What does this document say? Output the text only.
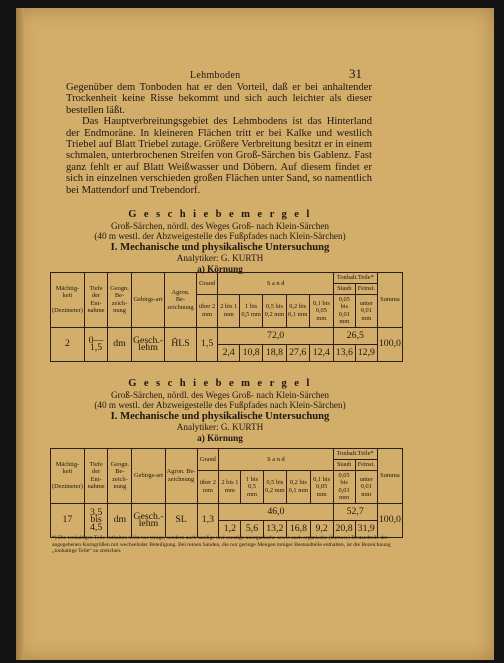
Lehmboden	31

Gegenüber dem Tonboden hat er den Vorteil, daß er bei anhaltender Trockenheit keine Risse bekommt und sich auch leichter als dieser bestellen läßt.

Das Hauptverbreitungsgebiet des Lehmbodens ist das Hinterland der Endmoräne. In kleineren Flächen tritt er bei Kalke und westlich Triebel auf Blatt Triebel zutage. Größere Verbreitung besitzt er in einem schmalen, unterbrochenen Streifen von Groß-Särchen bis Gablenz. Fast ganz fehlt er auf Blatt Weißwasser und Döbern. Auf diesem findet er sich in einzelnen verschieden großen Flächen unter Sand, so namentlich bei Mattendorf und Trebendorf.

G e s c h i e b e m e r g e l
Groß-Särchen, nördl. des Weges Groß- nach Klein-Särchen
(40 m westl. der Abzweigestelle des Fußpfades nach Klein-Särchen)
I. Mechanische und physikalische Untersuchung
Analytiker: G. KURTH
a) Körnung
Mächtig-keit

(Dezimeter)	Tiefe der Ent-nahme	Geogn. Be-zeich-nung	Gebirgs-art	Agron. Be-zeichnung	Grand	S a n d					Tonhalt.Teile*		Summa
											Staub	Feinst.	
					über 2 mm	2 bis 1 mm	1 bis 0,5 mm	0,5 bis 0,2 mm	0,2 bis 0,1 mm	0,1 bis 0,05 mm	0,05 bis 0,01 mm	unter 0,01 mm	
2	0—1,5	dm	Gesch.-lehm	ĤLS	1,5	72,0					26,5		100,0
						2,4	10,8	18,8	27,6	12,4	13,6	12,9	
G e s c h i e b e m e r g e l
Groß-Särchen, nördl. des Weges Groß- nach Klein-Särchen
(40 m westl. der Abzweigestelle des Fußpfades nach Klein-Särchen)
I. Mechanische und physikalische Untersuchung
Analytiker: G. KURTH
a) Körnung
Mächtig-keit

(Dezimeter)	Tiefe der Ent-nahme	Geogn. Be-zeich-nung	Gebirgs-art	Agron. Be-zeichnung	Grand	S a n d					Tonhalt.Teile*		Summa
											Staub	Feinst.	
					über 2 mm	2 bis 1 mm	1 bis 0,5 mm	0,5 bis 0,2 mm	0,2 bis 0,1 mm	0,1 bis 0,05 mm	0,05 bis 0,01 mm	unter 0,01 mm	
17	3,5 bis 4,5	dm	Gesch.-lehm	SL	1,3	46,0					52,7		100,0
						1,2	5,6	13,2	16,8	9,2	20,8	31,9	
*) Die tonhaltigen Teile enthalten nicht nur tonige, sondern auch sandige und sonstige unorganische sowie auch organische (humose) Bestandteile der angegebenen Korngrößen mit wechselnder Beteiligung. Bei reinen Sanden, die nur geringe Mengen toniger Bestandteile enthalten, ist die Bezeichnung „tonhaltige Teile“ zu streichen.
